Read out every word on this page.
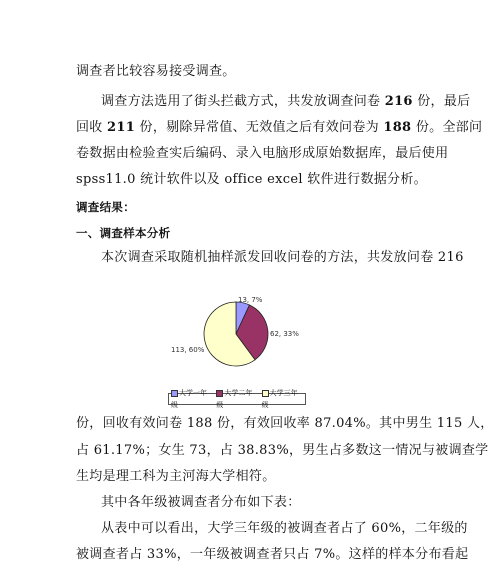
调查者比较容易接受调查。
调查方法选用了街头拦截方式，共发放调查问卷 216 份，最后
回收 211 份，剔除异常值、无效值之后有效问卷为 188 份。全部问
卷数据由检验查实后编码、录入电脑形成原始数据库，最后使用
spss11.0 统计软件以及 office excel 软件进行数据分析。
调查结果：
一、调查样本分析
本次调查采取随机抽样派发回收问卷的方法，共发放问卷 216
13, 7%
62, 33%
113, 60%
大学一年级
大学二年级
大学三年级
份，回收有效问卷 188 份，有效回收率 87.04%。其中男生 115 人，
占 61.17%；女生 73，占 38.83%，男生占多数这一情况与被调查学
生均是理工科为主河海大学相符。
其中各年级被调查者分布如下表：
从表中可以看出，大学三年级的被调查者占了 60%，二年级的
被调查者占 33%，一年级被调查者只占 7%。这样的样本分布看起
